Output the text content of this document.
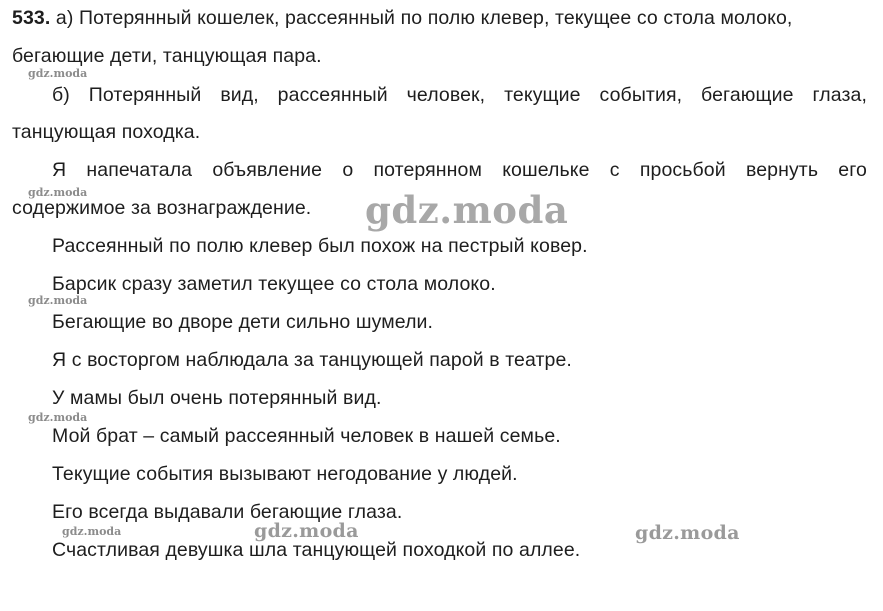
533. а) Потерянный кошелек, рассеянный по полю клевер, текущее со стола молоко,
бегающие дети, танцующая пара.
б) Потерянный вид, рассеянный человек, текущие события, бегающие глаза,
танцующая походка.
Я напечатала объявление о потерянном кошельке с просьбой вернуть его
содержимое за вознаграждение.
Рассеянный по полю клевер был похож на пестрый ковер.
Барсик сразу заметил текущее со стола молоко.
Бегающие во дворе дети сильно шумели.
Я с восторгом наблюдала за танцующей парой в театре.
У мамы был очень потерянный вид.
Мой брат – самый рассеянный человек в нашей семье.
Текущие события вызывают негодование у людей.
Его всегда выдавали бегающие глаза.
Счастливая девушка шла танцующей походкой по аллее.
gdz.moda
gdz.moda
gdz.moda
gdz.moda
gdz.moda
gdz.moda
gdz.moda	gdz.moda
